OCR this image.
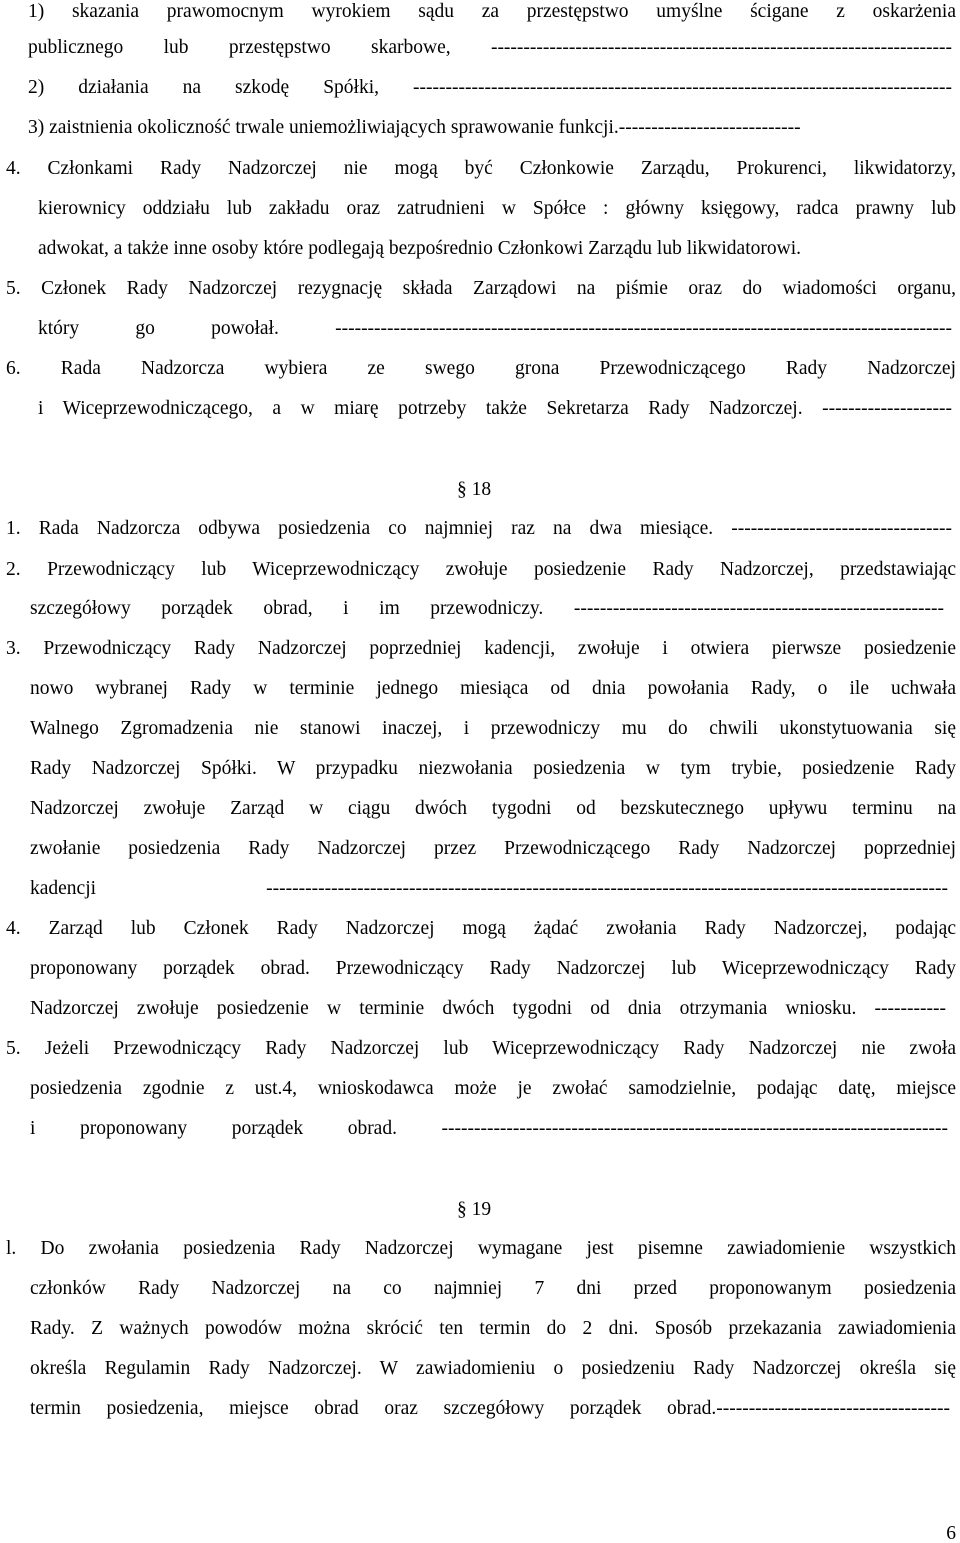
1) skazania prawomocnym wyrokiem sądu za przestępstwo umyślne ścigane z oskarżenia
publicznego lub przestępstwo skarbowe, -----------------------------------------------------------------------
2) działania na szkodę Spółki, -----------------------------------------------------------------------------------
3) zaistnienia okoliczność trwale uniemożliwiających sprawowanie funkcji.----------------------------
4. Członkami Rady Nadzorczej nie mogą być Członkowie Zarządu, Prokurenci, likwidatorzy,
kierownicy oddziału lub zakładu oraz zatrudnieni w Spółce : główny księgowy, radca prawny lub
adwokat, a także inne osoby które podlegają bezpośrednio Członkowi Zarządu lub likwidatorowi.
5. Członek Rady Nadzorczej rezygnację składa Zarządowi na piśmie oraz do wiadomości organu,
który go powołał. -----------------------------------------------------------------------------------------------
6. Rada Nadzorcza wybiera ze swego grona Przewodniczącego Rady Nadzorczej
i Wiceprzewodniczącego, a w miarę potrzeby także Sekretarza Rady Nadzorczej. --------------------
§ 18
1. Rada Nadzorcza odbywa posiedzenia co najmniej raz na dwa miesiące. ----------------------------------
2. Przewodniczący lub Wiceprzewodniczący zwołuje posiedzenie Rady Nadzorczej, przedstawiając
szczegółowy porządek obrad, i im przewodniczy. ---------------------------------------------------------
3. Przewodniczący Rady Nadzorczej poprzedniej kadencji, zwołuje i otwiera pierwsze posiedzenie
nowo wybranej Rady w terminie jednego miesiąca od dnia powołania Rady, o ile uchwała
Walnego Zgromadzenia nie stanowi inaczej, i przewodniczy mu do chwili ukonstytuowania się
Rady Nadzorczej Spółki. W przypadku niezwołania posiedzenia w tym trybie, posiedzenie Rady
Nadzorczej zwołuje Zarząd w ciągu dwóch tygodni od bezskutecznego upływu terminu na
zwołanie posiedzenia Rady Nadzorczej przez Przewodniczącego Rady Nadzorczej poprzedniej
kadencji ---------------------------------------------------------------------------------------------------------
4. Zarząd lub Członek Rady Nadzorczej mogą żądać zwołania Rady Nadzorczej, podając
proponowany porządek obrad. Przewodniczący Rady Nadzorczej lub Wiceprzewodniczący Rady
Nadzorczej zwołuje posiedzenie w terminie dwóch tygodni od dnia otrzymania wniosku. -----------
5. Jeżeli Przewodniczący Rady Nadzorczej lub Wiceprzewodniczący Rady Nadzorczej nie zwoła
posiedzenia zgodnie z ust.4, wnioskodawca może je zwołać samodzielnie, podając datę, miejsce
i proponowany porządek obrad. ------------------------------------------------------------------------------
§ 19
l. Do zwołania posiedzenia Rady Nadzorczej wymagane jest pisemne zawiadomienie wszystkich
członków Rady Nadzorczej na co najmniej 7 dni przed proponowanym posiedzenia
Rady. Z ważnych powodów można skrócić ten termin do 2 dni. Sposób przekazania zawiadomienia
określa Regulamin Rady Nadzorczej. W zawiadomieniu o posiedzeniu Rady Nadzorczej określa się
termin posiedzenia, miejsce obrad oraz szczegółowy porządek obrad.------------------------------------
6
